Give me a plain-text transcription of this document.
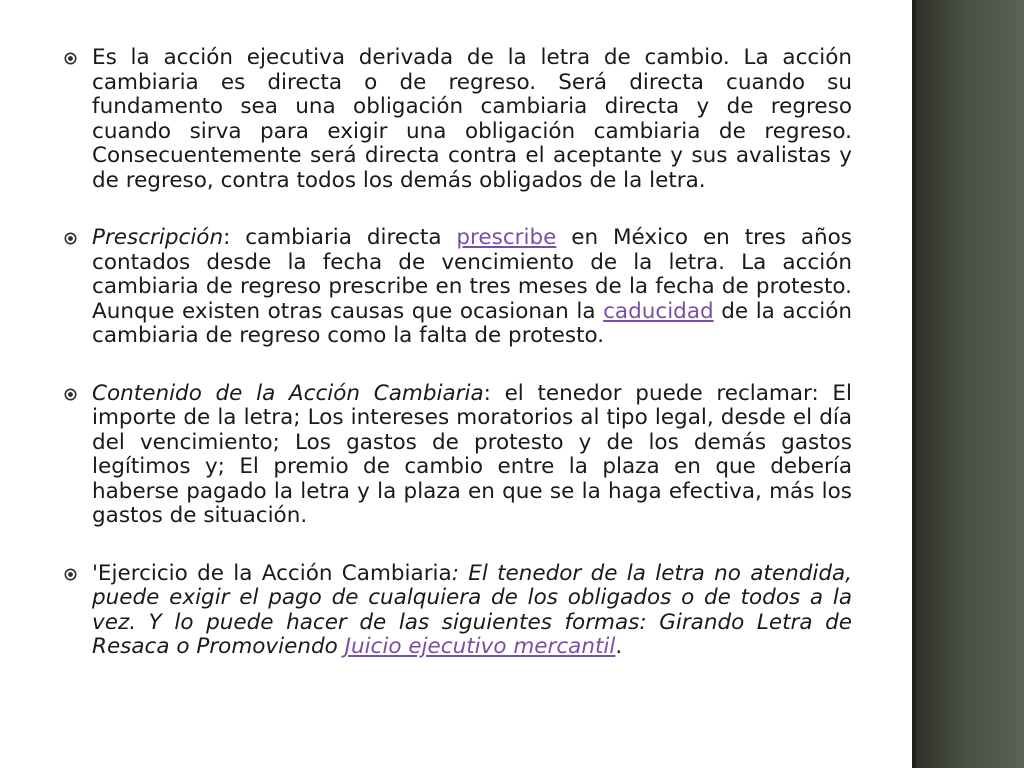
Es la acción ejecutiva derivada de la letra de cambio. La acción cambiaria es directa o de regreso. Será directa cuando su fundamento sea una obligación cambiaria directa y de regreso cuando sirva para exigir una obligación cambiaria de regreso. Consecuentemente será directa contra el aceptante y sus avalistas y de regreso, contra todos los demás obligados de la letra.
Prescripción: cambiaria directa prescribe en México en tres años contados desde la fecha de vencimiento de la letra. La acción cambiaria de regreso prescribe en tres meses de la fecha de protesto. Aunque existen otras causas que ocasionan la caducidad de la acción cambiaria de regreso como la falta de protesto.
Contenido de la Acción Cambiaria: el tenedor puede reclamar: El importe de la letra; Los intereses moratorios al tipo legal, desde el día del vencimiento; Los gastos de protesto y de los demás gastos legítimos y; El premio de cambio entre la plaza en que debería haberse pagado la letra y la plaza en que se la haga efectiva, más los gastos de situación.
'Ejercicio de la Acción Cambiaria: El tenedor de la letra no atendida, puede exigir el pago de cualquiera de los obligados o de todos a la vez. Y lo puede hacer de las siguientes formas: Girando Letra de Resaca o Promoviendo Juicio ejecutivo mercantil.
